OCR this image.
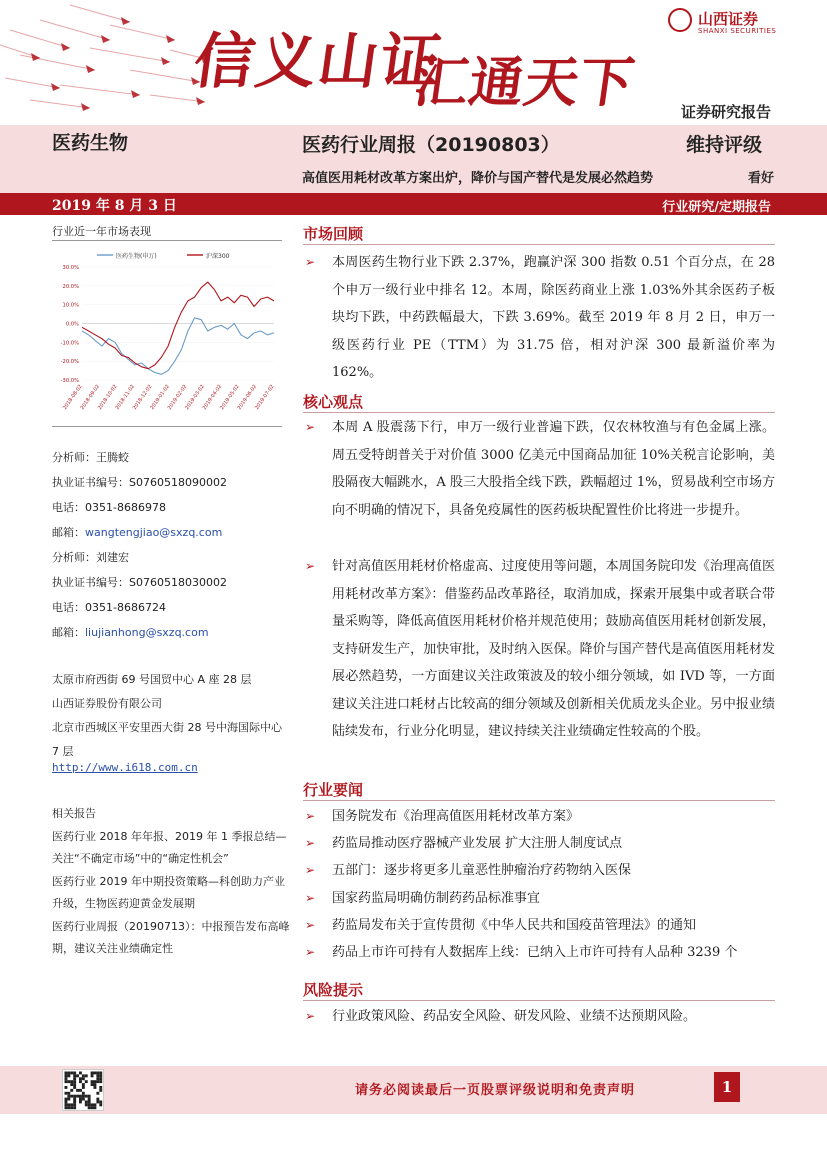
信义山证
汇通天下
山西证券
SHANXI SECURITIES
证券研究报告
医药生物	医药行业周报（20190803）	维持评级
高值医用耗材改革方案出炉，降价与国产替代是发展必然趋势	看好
2019 年 8 月 3 日	行业研究/定期报告
行业近一年市场表现
医药生物(申万)	沪深300
30.0%
20.0%
10.0%
0.0%
-10.0%
-20.0%
-30.0%
2018-08-02
2018-09-02
2018-10-02
2018-11-02
2018-12-02
2019-01-02
2019-02-02
2019-03-02
2019-04-02
2019-05-02
2019-06-02
2019-07-02
分析师：王腾蛟
执业证书编号：S0760518090002
电话：0351-8686978
邮箱：wangtengjiao@sxzq.com
分析师：刘建宏
执业证书编号：S0760518030002
电话：0351-8686724
邮箱：liujianhong@sxzq.com
太原市府西街 69 号国贸中心 A 座 28 层
山西证券股份有限公司
北京市西城区平安里西大街 28 号中海国际中心 7 层
http://www.i618.com.cn
相关报告
医药行业 2018 年年报、2019 年 1 季报总结—关注“不确定市场”中的“确定性机会”
医药行业 2019 年中期投资策略—科创助力产业升级，生物医药迎黄金发展期
医药行业周报（20190713）：中报预告发布高峰期，建议关注业绩确定性
市场回顾
➢ 本周医药生物行业下跌 2.37%，跑赢沪深 300 指数 0.51 个百分点，在 28 个申万一级行业中排名 12。本周，除医药商业上涨 1.03%外其余医药子板块均下跌，中药跌幅最大，下跌 3.69%。截至 2019 年 8 月 2 日，申万一级医药行业 PE（TTM）为 31.75 倍，相对沪深 300 最新溢价率为 162%。
核心观点
➢ 本周 A 股震荡下行，申万一级行业普遍下跌，仅农林牧渔与有色金属上涨。周五受特朗普关于对价值 3000 亿美元中国商品加征 10%关税言论影响，美股隔夜大幅跳水，A 股三大股指全线下跌，跌幅超过 1%，贸易战利空市场方向不明确的情况下，具备免疫属性的医药板块配置性价比将进一步提升。
➢ 针对高值医用耗材价格虚高、过度使用等问题，本周国务院印发《治理高值医用耗材改革方案》：借鉴药品改革路径，取消加成，探索开展集中或者联合带量采购等，降低高值医用耗材价格并规范使用；鼓励高值医用耗材创新发展，支持研发生产，加快审批，及时纳入医保。降价与国产替代是高值医用耗材发展必然趋势，一方面建议关注政策波及的较小细分领域，如 IVD 等，一方面建议关注进口耗材占比较高的细分领域及创新相关优质龙头企业。另中报业绩陆续发布，行业分化明显，建议持续关注业绩确定性较高的个股。
行业要闻
➢ 国务院发布《治理高值医用耗材改革方案》
➢ 药监局推动医疗器械产业发展 扩大注册人制度试点
➢ 五部门：逐步将更多儿童恶性肿瘤治疗药物纳入医保
➢ 国家药监局明确仿制药药品标准事宜
➢ 药监局发布关于宣传贯彻《中华人民共和国疫苗管理法》的通知
➢ 药品上市许可持有人数据库上线：已纳入上市许可持有人品种 3239 个
风险提示
➢ 行业政策风险、药品安全风险、研发风险、业绩不达预期风险。
请务必阅读最后一页股票评级说明和免责声明	1
